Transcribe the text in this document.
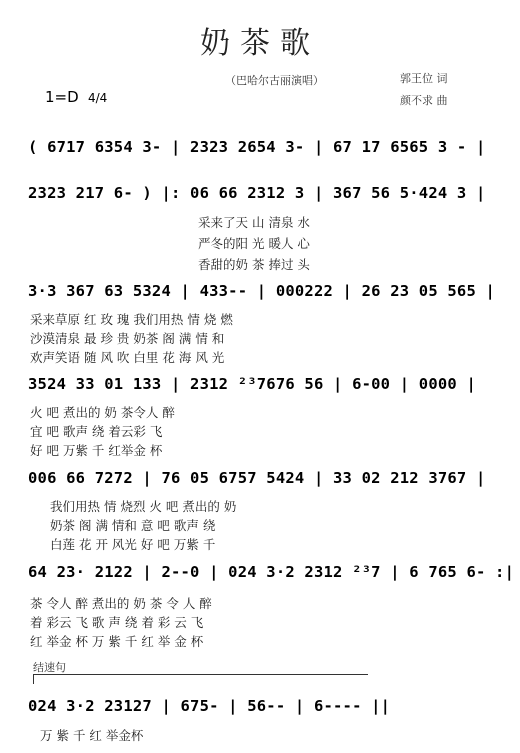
奶茶歌
（巴哈尔古丽演唱）	郭王位 词
颜不求 曲
1=D 4/4
( 6717 6354 3- | 2323 2654 3- | 67 17 6565 3 - |
2323 217 6- ) |: 06 66 2312 3 | 367 56 5·424 3 |
采来了天 山 清泉 水
严冬的阳 光 暖人 心
香甜的奶 茶 捧过 头
3·3 367 63 5324 | 433-- | 000222 | 26 23 05 565 |
采来草原 红 玫 瑰 我们用热 情 烧 燃
沙漠清泉 最 珍 贵 奶茶 阁 满 情 和
欢声笑语 随 风 吹 白里 花 海 风 光
3524 33 01 133 | 2312 ²³7676 56 | 6-00 | 0000 |
火 吧 煮出的 奶 茶令人 醉
宜 吧 歌声 绕 着云彩 飞
好 吧 万紫 千 红举金 杯
006 66 7272 | 76 05 6757 5424 | 33 02 212 3767 |
我们用热 情 烧烈 火 吧 煮出的 奶
奶茶 阁 满 情和 意 吧 歌声 绕
白莲 花 开 风光 好 吧 万紫 千
64 23· 2122 | 2--0 | 024 3·2 2312 ²³7 | 6 765 6- :|
茶 令人 醉 煮出的 奶 茶 令 人 醉
着 彩云 飞 歌 声 绕 着 彩 云 飞
红 举金 杯 万 紫 千 红 举 金 杯
结速句
024 3·2 23127 | 675- | 56-- | 6---- ||
万 紫 千 红 举金杯
